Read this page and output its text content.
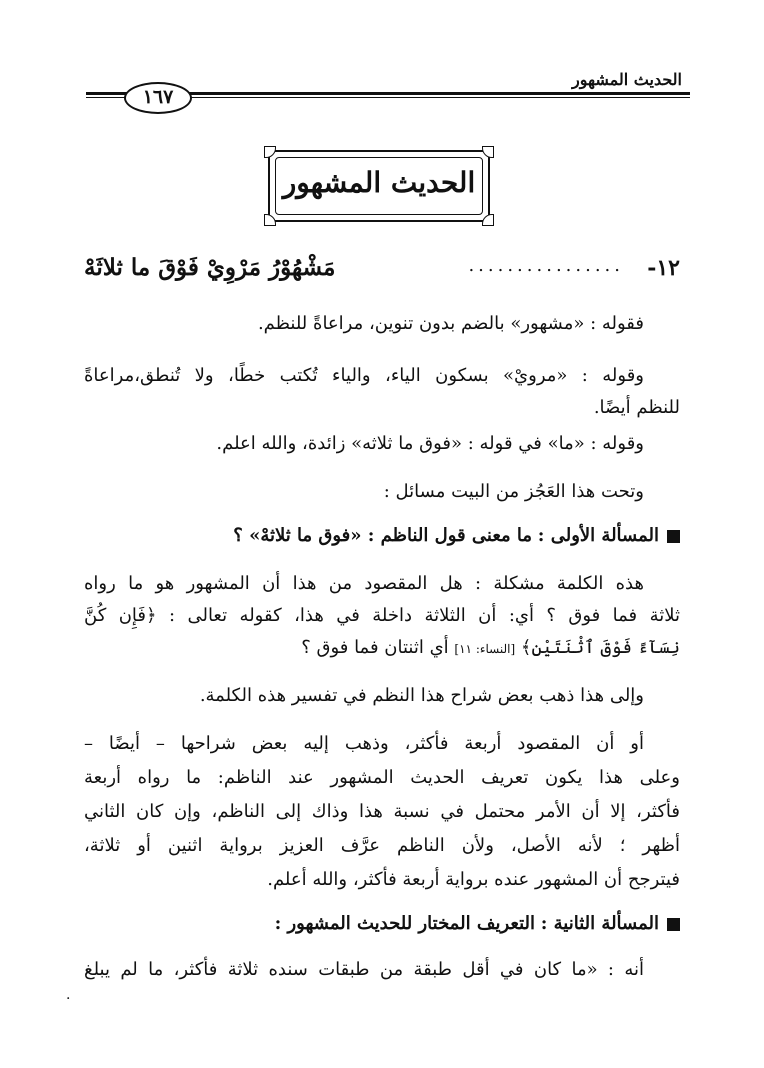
الحديث المشهور
١٦٧
الحديث المشهور
١٢-
................
مَشْهُوْرُ مَرْوِيْ فَوْقَ ما ثلاثَهْ
فقوله : «مشهور» بالضم بدون تنوين، مراعاةً للنظم.
وقوله : «مرويْ» بسكون الياء، والياء تُكتب خطًا، ولا تُنطق،مراعاةً
للنظم أيضًا.
وقوله : «ما» في قوله : «فوق ما ثلاثه» زائدة، والله اعلم.
وتحت هذا العَجُز من البيت مسائل :
المسألة الأولى : ما معنى قول الناظم : «فوق ما ثلاثهْ» ؟
هذه الكلمة مشكلة : هل المقصود من هذا أن المشهور هو ما رواه
ثلاثة فما فوق ؟ أي: أن الثلاثة داخلة في هذا، كقوله تعالى : ﴿فَإِن كُنَّ
نِسَآءً فَوْقَ ٱثْنَتَيْنِ﴾ [النساء: ١١] أي اثنتان فما فوق ؟
وإلى هذا ذهب بعض شراح هذا النظم في تفسير هذه الكلمة.
أو أن المقصود أربعة فأكثر، وذهب إليه بعض شراحها – أيضًا –
وعلى هذا يكون تعريف الحديث المشهور عند الناظم: ما رواه أربعة
فأكثر، إلا أن الأمر محتمل في نسبة هذا وذاك إلى الناظم، وإن كان الثاني
أظهر ؛ لأنه الأصل، ولأن الناظم عرَّف العزيز برواية اثنين أو ثلاثة،
فيترجح أن المشهور عنده برواية أربعة فأكثر، والله أعلم.
المسألة الثانية : التعريف المختار للحديث المشهور :
أنه : «ما كان في أقل طبقة من طبقات سنده ثلاثة فأكثر، ما لم يبلغ
·
